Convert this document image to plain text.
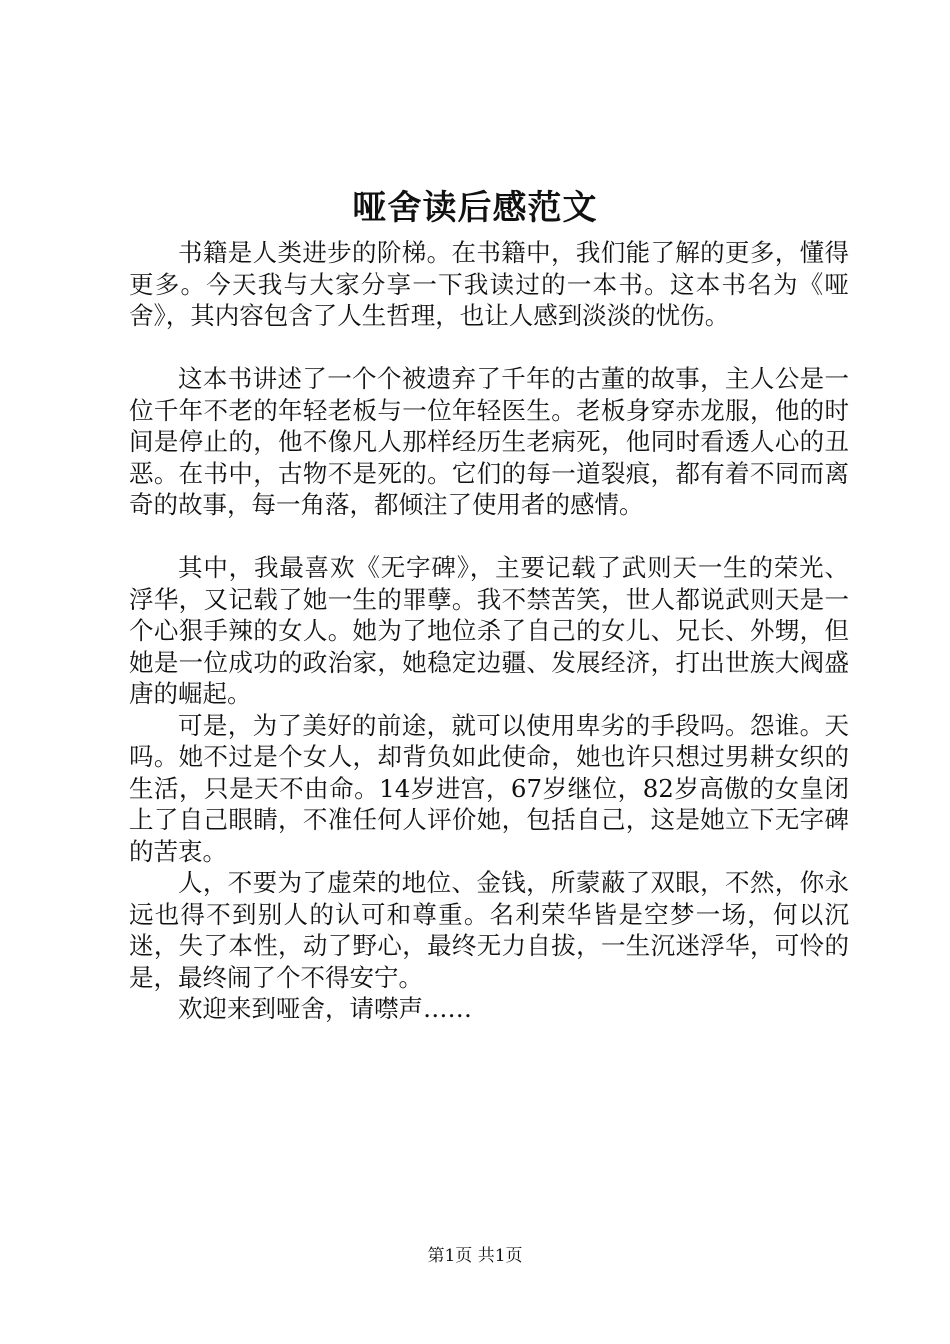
哑舍读后感范文

书籍是人类进步的阶梯。在书籍中，我们能了解的更多，懂得更多。今天我与大家分享一下我读过的一本书。这本书名为《哑舍》，其内容包含了人生哲理，也让人感到淡淡的忧伤。

这本书讲述了一个个被遗弃了千年的古董的故事，主人公是一位千年不老的年轻老板与一位年轻医生。老板身穿赤龙服，他的时间是停止的，他不像凡人那样经历生老病死，他同时看透人心的丑恶。在书中，古物不是死的。它们的每一道裂痕，都有着不同而离奇的故事，每一角落，都倾注了使用者的感情。

其中，我最喜欢《无字碑》，主要记载了武则天一生的荣光、浮华，又记载了她一生的罪孽。我不禁苦笑，世人都说武则天是一个心狠手辣的女人。她为了地位杀了自己的女儿、兄长、外甥，但她是一位成功的政治家，她稳定边疆、发展经济，打出世族大阀盛唐的崛起。

可是，为了美好的前途，就可以使用卑劣的手段吗。怨谁。天吗。她不过是个女人，却背负如此使命，她也许只想过男耕女织的生活，只是天不由命。14岁进宫，67岁继位，82岁高傲的女皇闭上了自己眼睛，不准任何人评价她，包括自己，这是她立下无字碑的苦衷。

人，不要为了虚荣的地位、金钱，所蒙蔽了双眼，不然，你永远也得不到别人的认可和尊重。名利荣华皆是空梦一场，何以沉迷，失了本性，动了野心，最终无力自拔，一生沉迷浮华，可怜的是，最终闹了个不得安宁。

欢迎来到哑舍，请噤声……

第1页 共1页
